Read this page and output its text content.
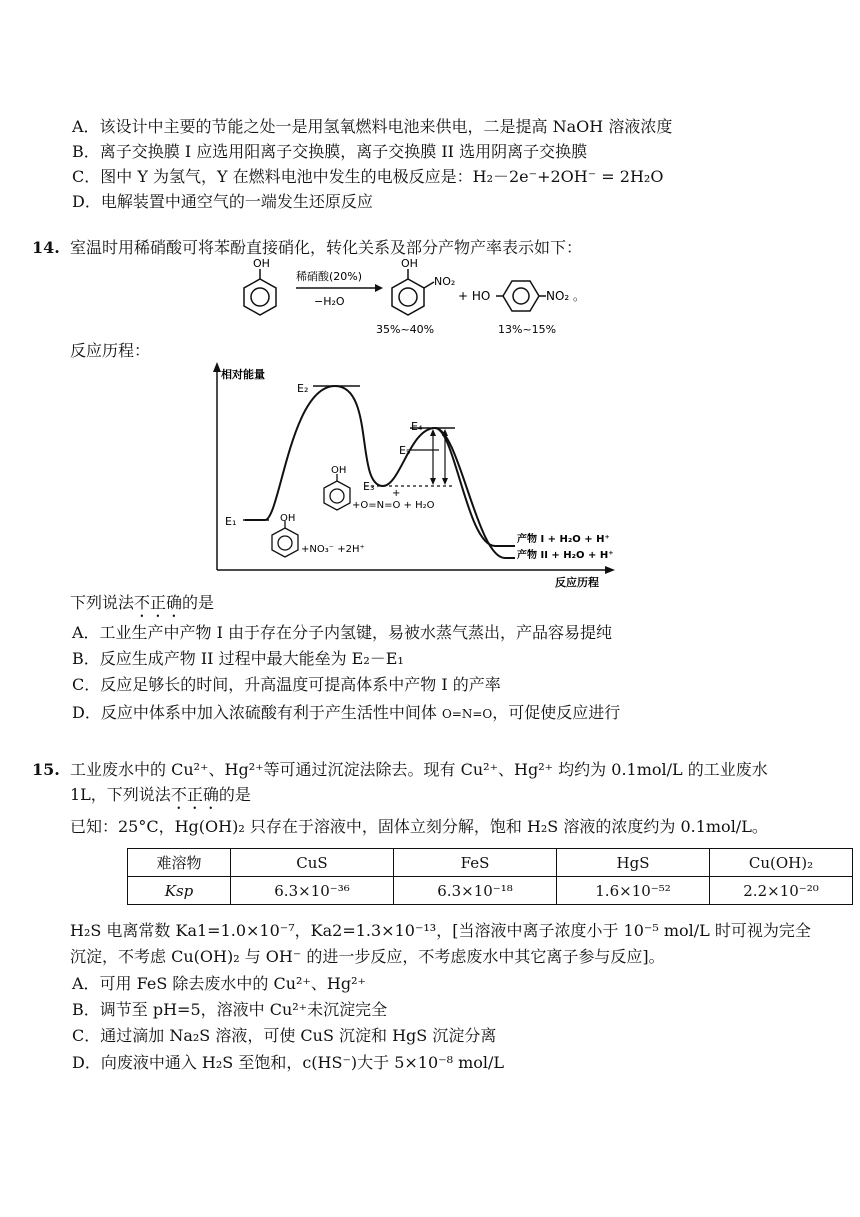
A．该设计中主要的节能之处一是用氢氧燃料电池来供电，二是提高 NaOH 溶液浓度
B．离子交换膜 I 应选用阳离子交换膜，离子交换膜 II 选用阴离子交换膜
C．图中 Y 为氢气，Y 在燃料电池中发生的电极反应是：H₂－2e⁻+2OH⁻ = 2H₂O
D．电解装置中通空气的一端发生还原反应
14. 室温时用稀硝酸可将苯酚直接硝化，转化关系及部分产物产率表示如下：
OH
稀硝酸(20%)
−H₂O
OH
NO₂
35%~40%
+ HO	NO₂ 。
13%~15%
反应历程：
相对能量
反应历程
E₁
E₂
E₃
E₄
E₅
OH
+NO₃⁻ +2H⁺
OH
+
+O=N=O + H₂O
产物 I + H₂O + H⁺
产物 II + H₂O + H⁺
下列说法不正确的是
A．工业生产中产物 I 由于存在分子内氢键，易被水蒸气蒸出，产品容易提纯
B．反应生成产物 II 过程中最大能垒为 E₂－E₁
C．反应足够长的时间，升高温度可提高体系中产物 I 的产率
D．反应中体系中加入浓硫酸有利于产生活性中间体 O=N=O，可促使反应进行
15. 工业废水中的 Cu²⁺、Hg²⁺等可通过沉淀法除去。现有 Cu²⁺、Hg²⁺ 均约为 0.1mol/L 的工业废水
1L，下列说法不正确的是
已知：25°C，Hg(OH)₂ 只存在于溶液中，固体立刻分解，饱和 H₂S 溶液的浓度约为 0.1mol/L。
难溶物	CuS	FeS	HgS	Cu(OH)₂
Ksp	6.3×10⁻³⁶	6.3×10⁻¹⁸	1.6×10⁻⁵²	2.2×10⁻²⁰
H₂S 电离常数 Ka1=1.0×10⁻⁷，Ka2=1.3×10⁻¹³，[当溶液中离子浓度小于 10⁻⁵ mol/L 时可视为完全
沉淀，不考虑 Cu(OH)₂ 与 OH⁻ 的进一步反应，不考虑废水中其它离子参与反应]。
A．可用 FeS 除去废水中的 Cu²⁺、Hg²⁺
B．调节至 pH=5，溶液中 Cu²⁺未沉淀完全
C．通过滴加 Na₂S 溶液，可使 CuS 沉淀和 HgS 沉淀分离
D．向废液中通入 H₂S 至饱和，c(HS⁻)大于 5×10⁻⁸ mol/L
